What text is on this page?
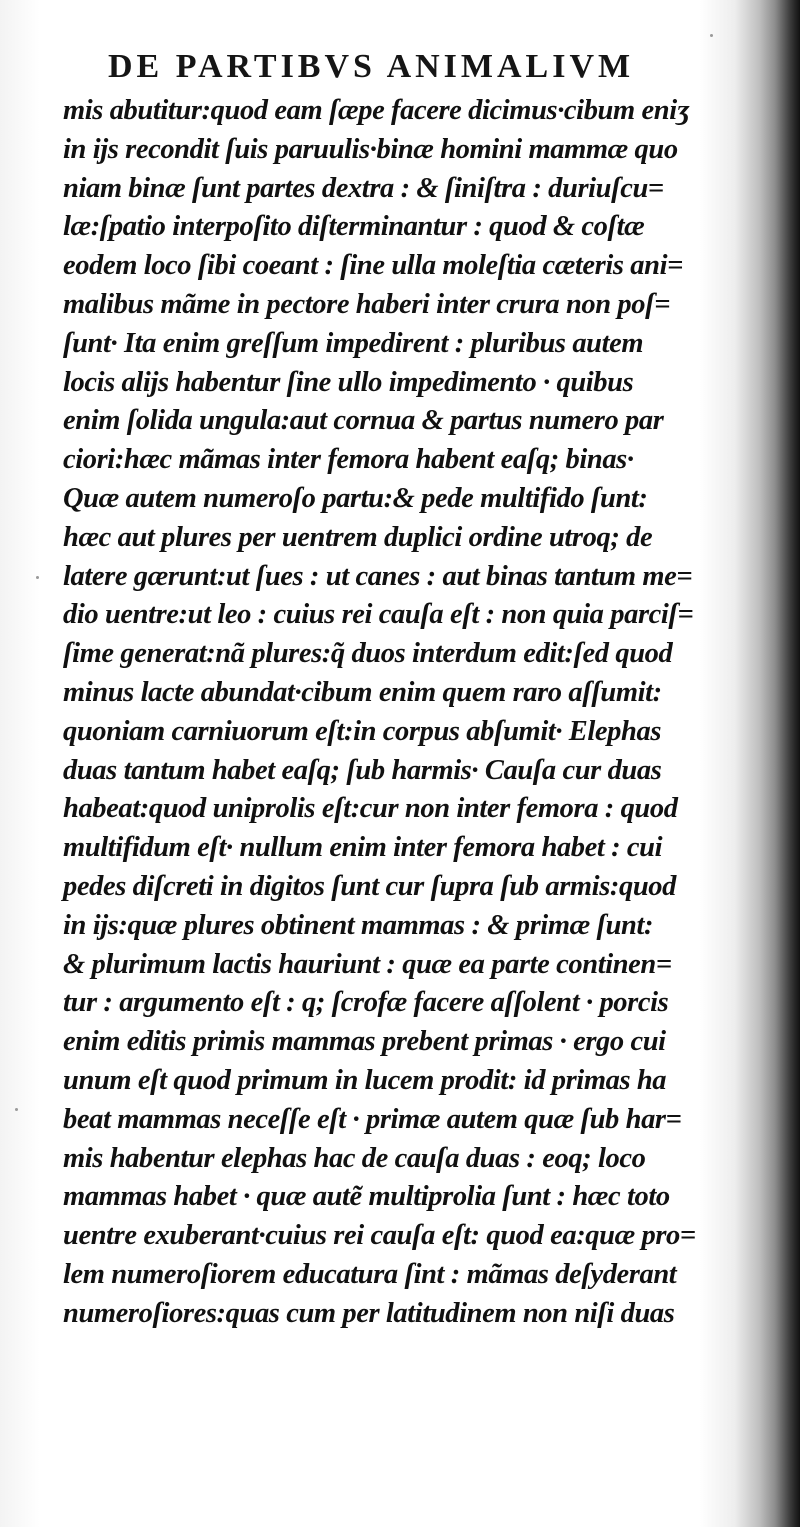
DE PARTIBVS ANIMALIVM
mis abutitur:quod eam ſæpe facere dicimus·cibum eniʒ
in ijs recondit ſuis paruulis·binæ homini mammæ quo
niam binæ ſunt partes dextra : & ſiniſtra : duriuſcu=
læ:ſpatio interpoſito diſterminantur : quod & coſtæ
eodem loco ſibi coeant : ſine ulla moleſtia cæteris ani=
malibus mãme in pectore haberi inter crura non poſ=
ſunt· Ita enim greſſum impedirent : pluribus autem
locis alijs habentur ſine ullo impedimento · quibus
enim ſolida ungula:aut cornua & partus numero par
ciori:hæc mãmas inter femora habent eaſq; binas·
Quæ autem numeroſo partu:& pede multifido ſunt:
hæc aut plures per uentrem duplici ordine utroq; de
latere gærunt:ut ſues : ut canes : aut binas tantum me=
dio uentre:ut leo : cuius rei cauſa eſt : non quia parciſ=
ſime generat:nã plures:q̃ duos interdum edit:ſed quod
minus lacte abundat·cibum enim quem raro aſſumit:
quoniam carniuorum eſt:in corpus abſumit· Elephas
duas tantum habet eaſq; ſub harmis· Cauſa cur duas
habeat:quod uniprolis eſt:cur non inter femora : quod
multifidum eſt· nullum enim inter femora habet : cui
pedes diſcreti in digitos ſunt cur ſupra ſub armis:quod
in ijs:quæ plures obtinent mammas : & primæ ſunt:
& plurimum lactis hauriunt : quæ ea parte continen=
tur : argumento eſt : q; ſcrofæ facere aſſolent · porcis
enim editis primis mammas prebent primas · ergo cui
unum eſt quod primum in lucem prodit: id primas ha
beat mammas neceſſe eſt · primæ autem quæ ſub har=
mis habentur elephas hac de cauſa duas : eoq; loco
mammas habet · quæ autẽ multiprolia ſunt : hæc toto
uentre exuberant·cuius rei cauſa eſt: quod ea:quæ pro=
lem numeroſiorem educatura ſint : mãmas deſyderant
numeroſiores:quas cum per latitudinem non niſi duas
